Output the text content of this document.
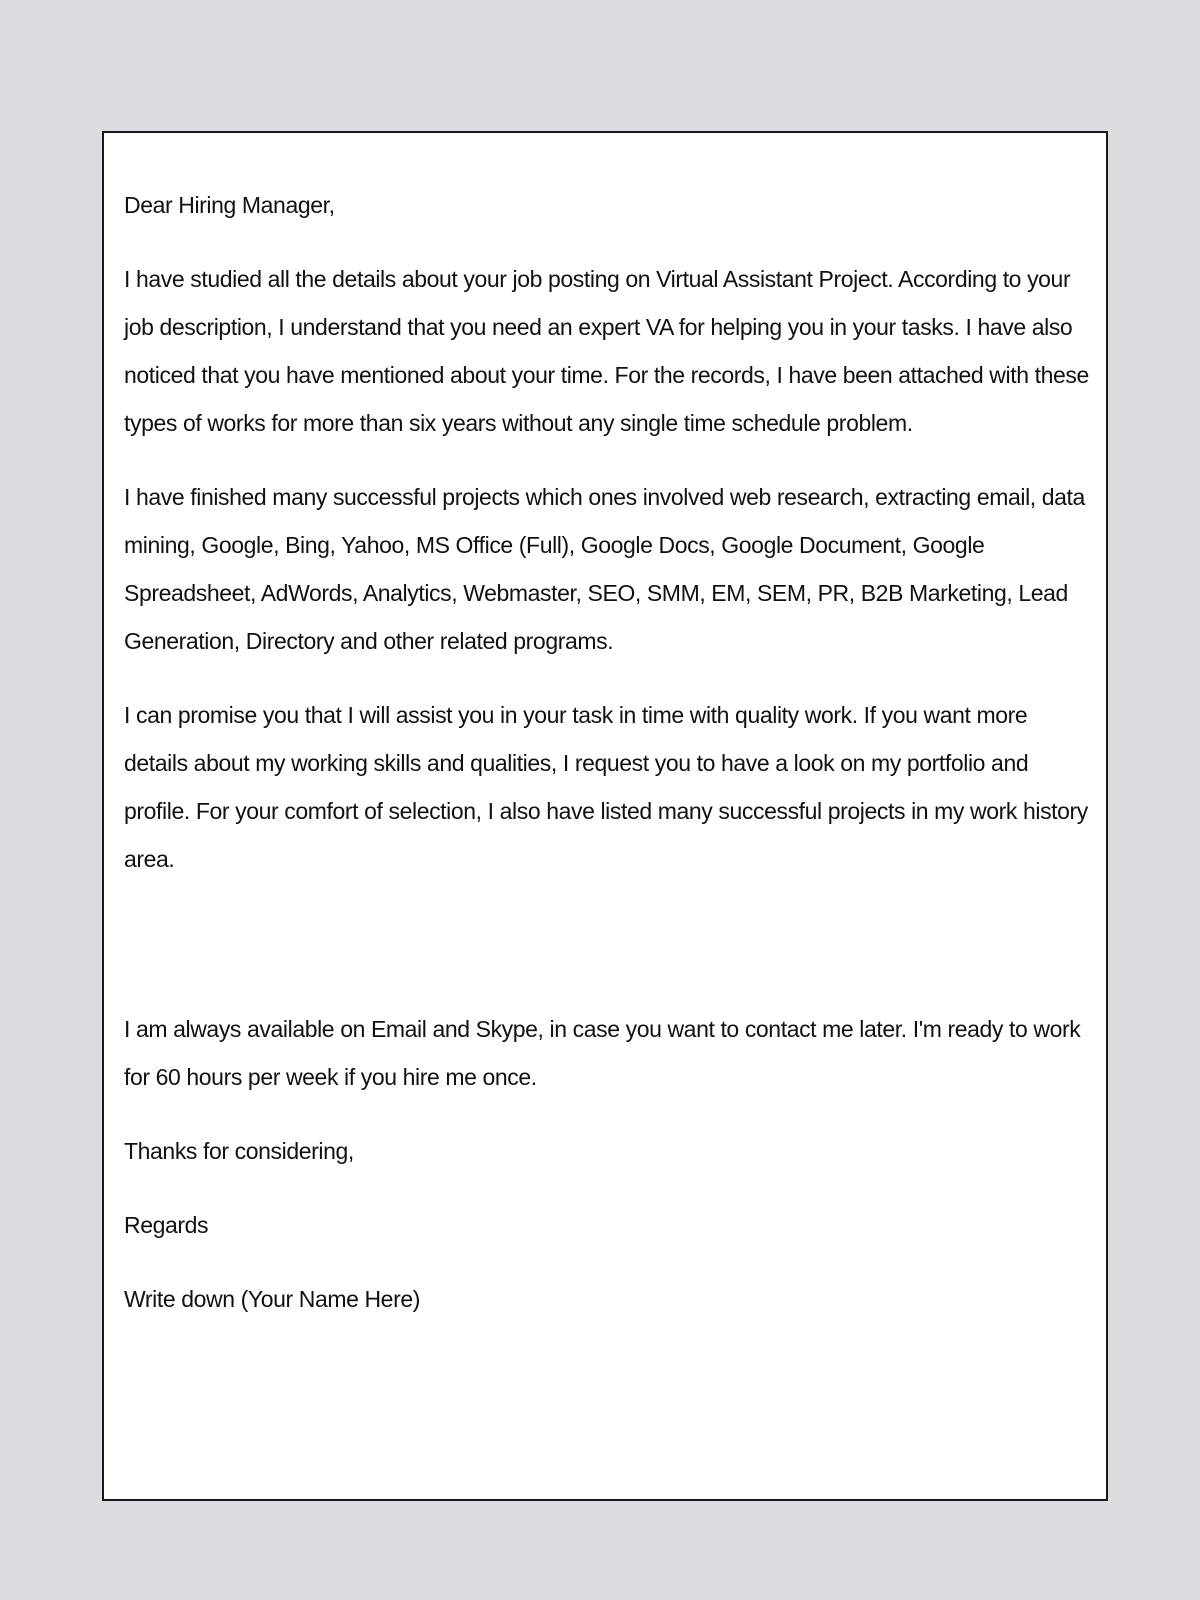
Dear Hiring Manager,

I have studied all the details about your job posting on Virtual Assistant Project. According to your job description, I understand that you need an expert VA for helping you in your tasks. I have also noticed that you have mentioned about your time. For the records, I have been attached with these types of works for more than six years without any single time schedule problem.

I have finished many successful projects which ones involved web research, extracting email, data mining, Google, Bing, Yahoo, MS Office (Full), Google Docs, Google Document, Google Spreadsheet, AdWords, Analytics, Webmaster, SEO, SMM, EM, SEM, PR, B2B Marketing, Lead Generation, Directory and other related programs.

I can promise you that I will assist you in your task in time with quality work. If you want more details about my working skills and qualities, I request you to have a look on my portfolio and profile. For your comfort of selection, I also have listed many successful projects in my work history area.

I am always available on Email and Skype, in case you want to contact me later. I'm ready to work for 60 hours per week if you hire me once.

Thanks for considering,

Regards

Write down (Your Name Here)
